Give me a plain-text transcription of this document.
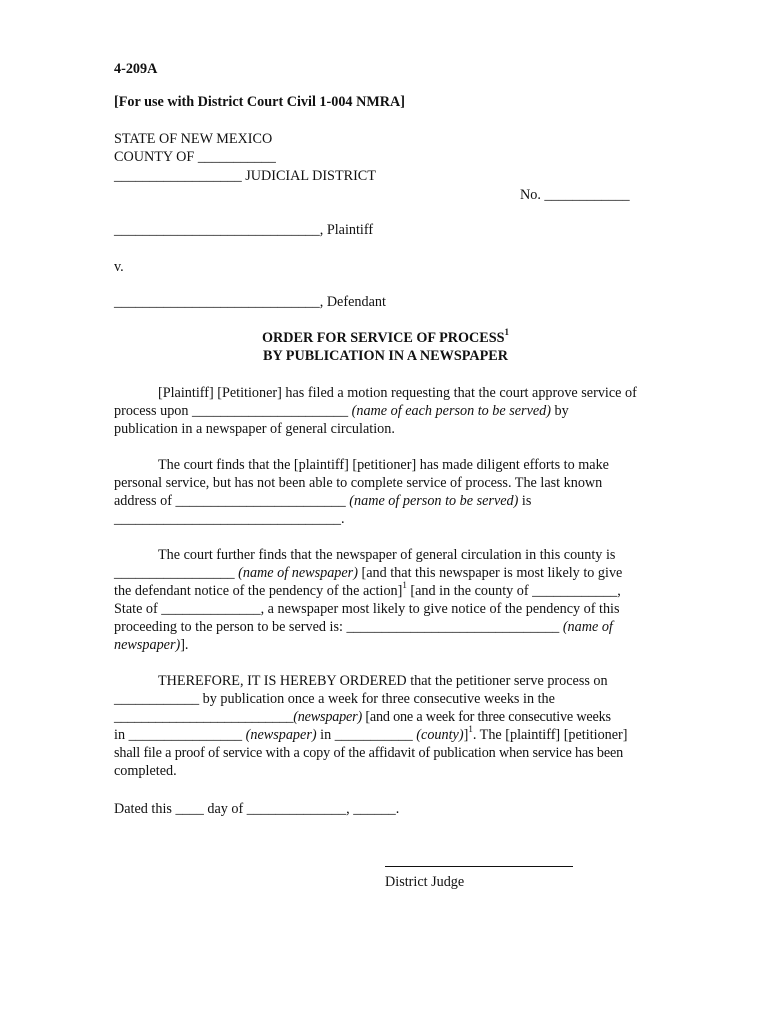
4-209A
[For use with District Court Civil 1-004 NMRA]
STATE OF NEW MEXICO
COUNTY OF ___________
__________________ JUDICIAL DISTRICT
No. ____________
_____________________________, Plaintiff
v.
_____________________________, Defendant
ORDER FOR SERVICE OF PROCESS$^1$
BY PUBLICATION IN A NEWSPAPER
[Plaintiff] [Petitioner] has filed a motion requesting that the court approve service of
process upon ______________________ (name of each person to be served) by
publication in a newspaper of general circulation.
The court finds that the [plaintiff] [petitioner] has made diligent efforts to make
personal service, but has not been able to complete service of process. The last known
address of ________________________ (name of person to be served) is
________________________________.
The court further finds that the newspaper of general circulation in this county is
_________________ (name of newspaper) [and that this newspaper is most likely to give
the defendant notice of the pendency of the action]$^1$ [and in the county of ____________,
State of ______________, a newspaper most likely to give notice of the pendency of this
proceeding to the person to be served is: ______________________________ (name of
newspaper)].
THEREFORE, IT IS HEREBY ORDERED that the petitioner serve process on
____________ by publication once a week for three consecutive weeks in the
__________________________(newspaper) [and one a week for three consecutive weeks
in ________________ (newspaper) in ___________ (county)]$^1$. The [plaintiff] [petitioner]
shall file a proof of service with a copy of the affidavit of publication when service has been
completed.
Dated this ____ day of ______________, ______.
District Judge
